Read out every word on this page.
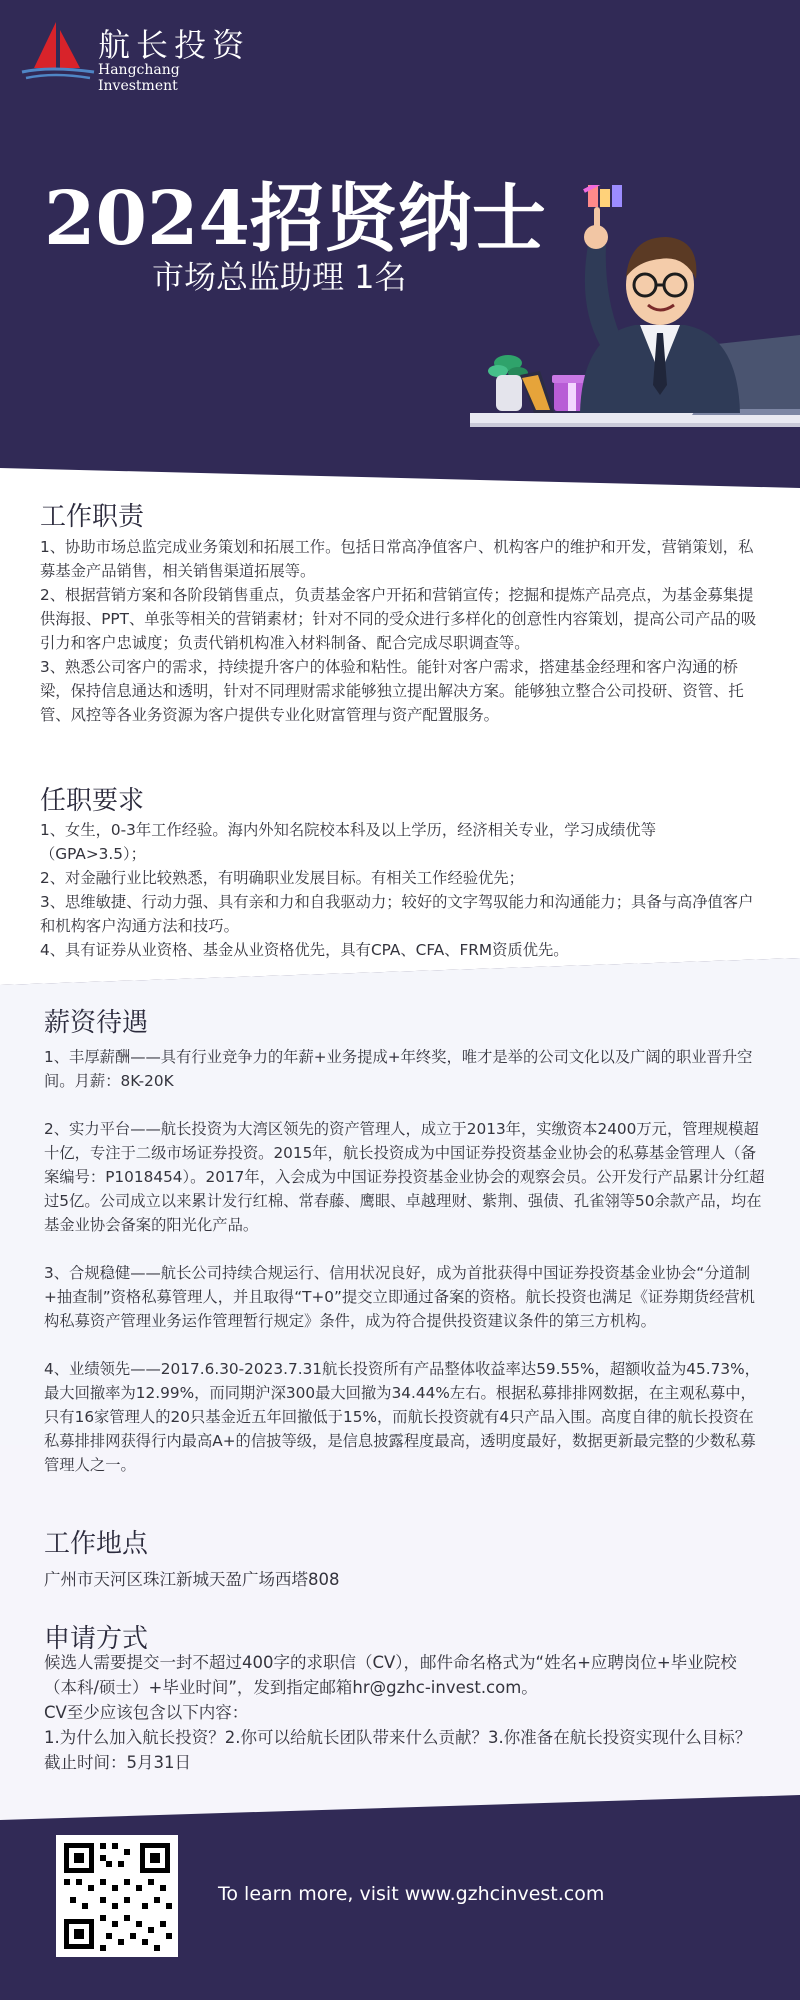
航长投资
Hangchang Investment
2024招贤纳士
市场总监助理 1名
工作职责

1、协助市场总监完成业务策划和拓展工作。包括日常高净值客户、机构客户的维护和开发，营销策划，私募基金产品销售，相关销售渠道拓展等。

2、根据营销方案和各阶段销售重点，负责基金客户开拓和营销宣传；挖掘和提炼产品亮点，为基金募集提供海报、PPT、单张等相关的营销素材；针对不同的受众进行多样化的创意性内容策划，提高公司产品的吸引力和客户忠诚度；负责代销机构准入材料制备、配合完成尽职调查等。

3、熟悉公司客户的需求，持续提升客户的体验和粘性。能针对客户需求，搭建基金经理和客户沟通的桥梁，保持信息通达和透明，针对不同理财需求能够独立提出解决方案。能够独立整合公司投研、资管、托管、风控等各业务资源为客户提供专业化财富管理与资产配置服务。

任职要求

1、女生，0-3年工作经验。海内外知名院校本科及以上学历，经济相关专业，学习成绩优等（GPA>3.5）；

2、对金融行业比较熟悉，有明确职业发展目标。有相关工作经验优先；

3、思维敏捷、行动力强、具有亲和力和自我驱动力；较好的文字驾驭能力和沟通能力；具备与高净值客户和机构客户沟通方法和技巧。

4、具有证券从业资格、基金从业资格优先，具有CPA、CFA、FRM资质优先。

薪资待遇

1、丰厚薪酬——具有行业竞争力的年薪+业务提成+年终奖，唯才是举的公司文化以及广阔的职业晋升空间。月薪：8K-20K

2、实力平台——航长投资为大湾区领先的资产管理人，成立于2013年，实缴资本2400万元，管理规模超十亿，专注于二级市场证券投资。2015年，航长投资成为中国证券投资基金业协会的私募基金管理人（备案编号：P1018454）。2017年，入会成为中国证券投资基金业协会的观察会员。公开发行产品累计分红超过5亿。公司成立以来累计发行红棉、常春藤、鹰眼、卓越理财、紫荆、强债、孔雀翎等50余款产品，均在基金业协会备案的阳光化产品。

3、合规稳健——航长公司持续合规运行、信用状况良好，成为首批获得中国证券投资基金业协会“分道制+抽查制”资格私募管理人，并且取得“T+0”提交立即通过备案的资格。航长投资也满足《证券期货经营机构私募资产管理业务运作管理暂行规定》条件，成为符合提供投资建议条件的第三方机构。

4、业绩领先——2017.6.30-2023.7.31航长投资所有产品整体收益率达59.55%，超额收益为45.73%，最大回撤率为12.99%，而同期沪深300最大回撤为34.44%左右。根据私募排排网数据，在主观私募中，只有16家管理人的20只基金近五年回撤低于15%，而航长投资就有4只产品入围。高度自律的航长投资在私募排排网获得行内最高A+的信披等级，是信息披露程度最高，透明度最好，数据更新最完整的少数私募管理人之一。

工作地点
广州市天河区珠江新城天盈广场西塔808
申请方式

候选人需要提交一封不超过400字的求职信（CV），邮件命名格式为“姓名+应聘岗位+毕业院校（本科/硕士）+毕业时间”，发到指定邮箱hr@gzhc-invest.com。

CV至少应该包含以下内容：

1.为什么加入航长投资？2.你可以给航长团队带来什么贡献？3.你准备在航长投资实现什么目标？

截止时间：5月31日

To learn more, visit www.gzhcinvest.com
